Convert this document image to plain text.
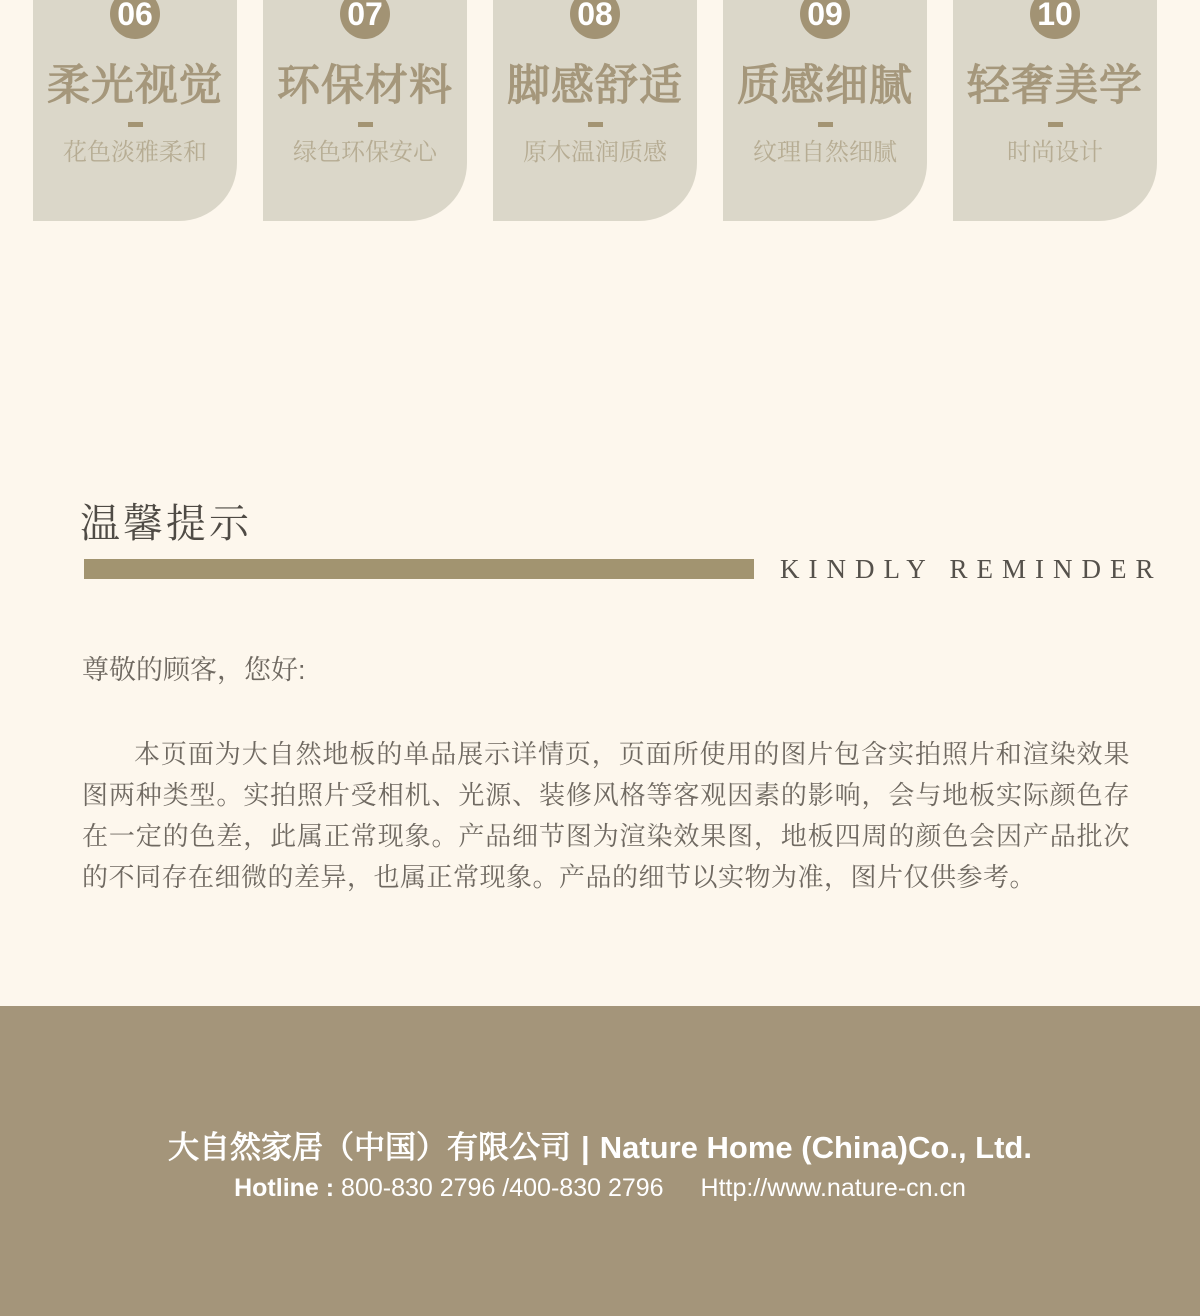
06
柔光视觉
花色淡雅柔和
07
环保材料
绿色环保安心
08
脚感舒适
原木温润质感
09
质感细腻
纹理自然细腻
10
轻奢美学
时尚设计
温馨提示
KINDLY REMINDER
尊敬的顾客，您好:
本页面为大自然地板的单品展示详情页，页面所使用的图片包含实拍照片和渲染效果图两种类型。实拍照片受相机、光源、装修风格等客观因素的影响，会与地板实际颜色存在一定的色差，此属正常现象。产品细节图为渲染效果图，地板四周的颜色会因产品批次的不同存在细微的差异，也属正常现象。产品的细节以实物为准，图片仅供参考。
大自然家居（中国）有限公司 | Nature Home (China)Co., Ltd.
Hotline : 800-830 2796 /400-830 2796 Http://www.nature-cn.cn
